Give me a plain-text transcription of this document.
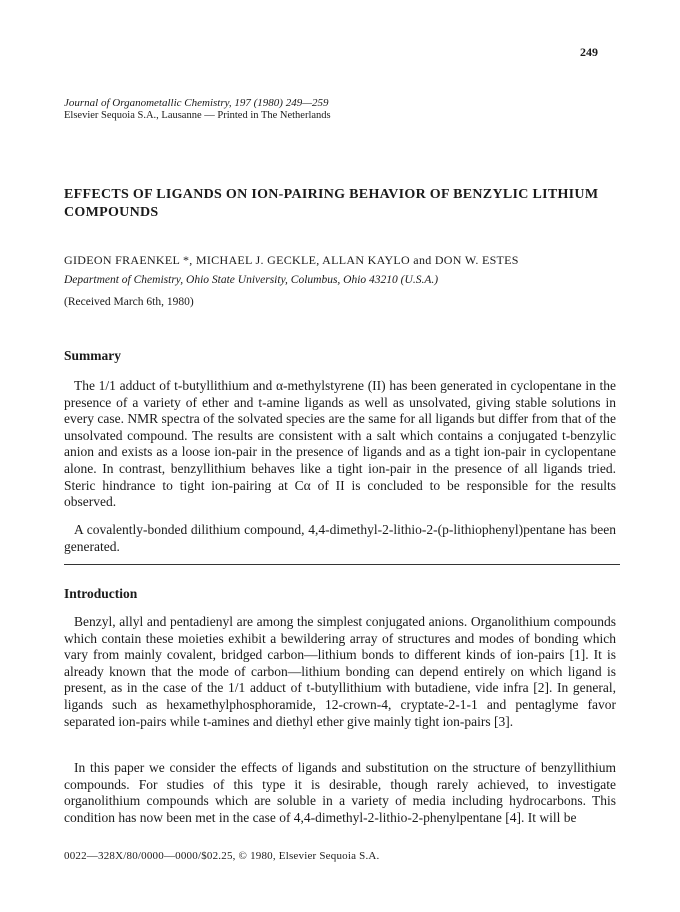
249
Journal of Organometallic Chemistry, 197 (1980) 249—259
Elsevier Sequoia S.A., Lausanne — Printed in The Netherlands
EFFECTS OF LIGANDS ON ION-PAIRING BEHAVIOR OF BENZYLIC LITHIUM COMPOUNDS
GIDEON FRAENKEL *, MICHAEL J. GECKLE, ALLAN KAYLO and DON W. ESTES
Department of Chemistry, Ohio State University, Columbus, Ohio 43210 (U.S.A.)
(Received March 6th, 1980)
Summary

The 1/1 adduct of t-butyllithium and α-methylstyrene (II) has been generated in cyclopentane in the presence of a variety of ether and t-amine ligands as well as unsolvated, giving stable solutions in every case. NMR spectra of the solvated species are the same for all ligands but differ from that of the unsolvated compound. The results are consistent with a salt which contains a conjugated t-benzylic anion and exists as a loose ion-pair in the presence of ligands and as a tight ion-pair in cyclopentane alone. In contrast, benzyllithium behaves like a tight ion-pair in the presence of all ligands tried. Steric hindrance to tight ion-pairing at Cα of II is concluded to be responsible for the results observed.

A covalently-bonded dilithium compound, 4,4-dimethyl-2-lithio-2-(p-lithiophenyl)pentane has been generated.

Introduction

Benzyl, allyl and pentadienyl are among the simplest conjugated anions. Organolithium compounds which contain these moieties exhibit a bewildering array of structures and modes of bonding which vary from mainly covalent, bridged carbon—lithium bonds to different kinds of ion-pairs [1]. It is already known that the mode of carbon—lithium bonding can depend entirely on which ligand is present, as in the case of the 1/1 adduct of t-butyllithium with butadiene, vide infra [2]. In general, ligands such as hexamethylphosphoramide, 12-crown-4, cryptate-2-1-1 and pentaglyme favor separated ion-pairs while t-amines and diethyl ether give mainly tight ion-pairs [3].

In this paper we consider the effects of ligands and substitution on the structure of benzyllithium compounds. For studies of this type it is desirable, though rarely achieved, to investigate organolithium compounds which are soluble in a variety of media including hydrocarbons. This condition has now been met in the case of 4,4-dimethyl-2-lithio-2-phenylpentane [4]. It will be

0022—328X/80/0000—0000/$02.25, © 1980, Elsevier Sequoia S.A.
